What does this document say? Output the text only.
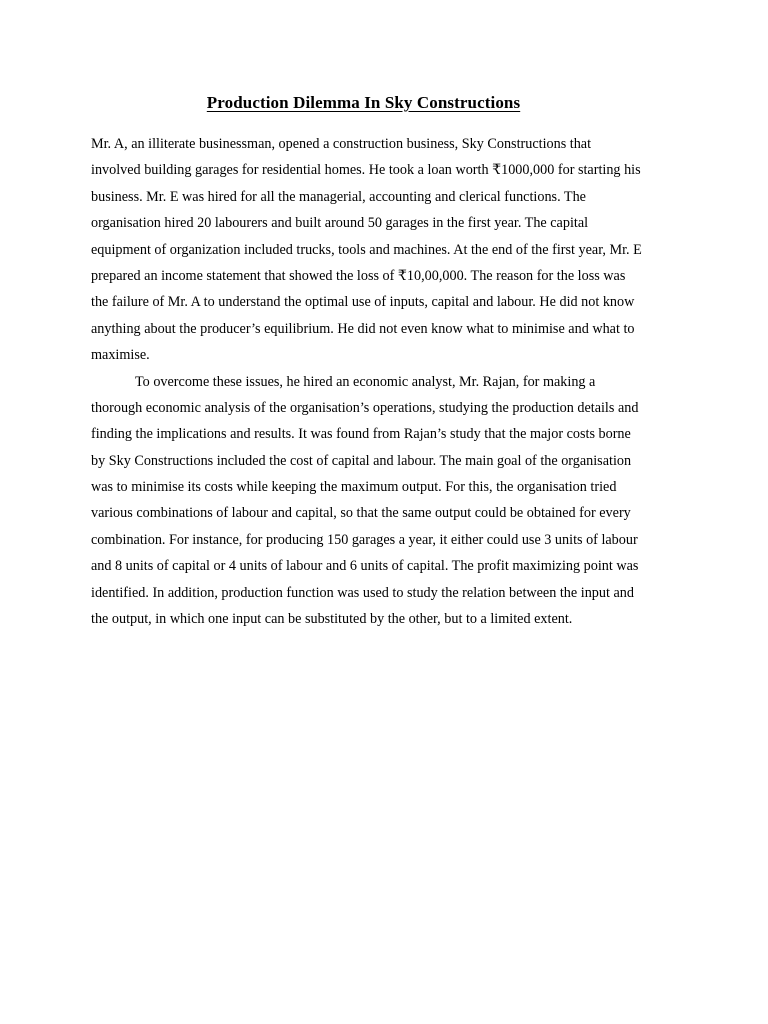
Production Dilemma In Sky Constructions
Mr. A, an illiterate businessman, opened a construction business, Sky Constructions that
involved building garages for residential homes. He took a loan worth ₹1000,000 for starting his
business. Mr. E was hired for all the managerial, accounting and clerical functions. The
organisation hired 20 labourers and built around 50 garages in the first year. The capital
equipment of organization included trucks, tools and machines. At the end of the first year, Mr. E
prepared an income statement that showed the loss of ₹10,00,000. The reason for the loss was
the failure of Mr. A to understand the optimal use of inputs, capital and labour. He did not know
anything about the producer’s equilibrium. He did not even know what to minimise and what to
maximise.
To overcome these issues, he hired an economic analyst, Mr. Rajan, for making a
thorough economic analysis of the organisation’s operations, studying the production details and
finding the implications and results. It was found from Rajan’s study that the major costs borne
by Sky Constructions included the cost of capital and labour. The main goal of the organisation
was to minimise its costs while keeping the maximum output. For this, the organisation tried
various combinations of labour and capital, so that the same output could be obtained for every
combination. For instance, for producing 150 garages a year, it either could use 3 units of labour
and 8 units of capital or 4 units of labour and 6 units of capital. The profit maximizing point was
identified. In addition, production function was used to study the relation between the input and
the output, in which one input can be substituted by the other, but to a limited extent.
